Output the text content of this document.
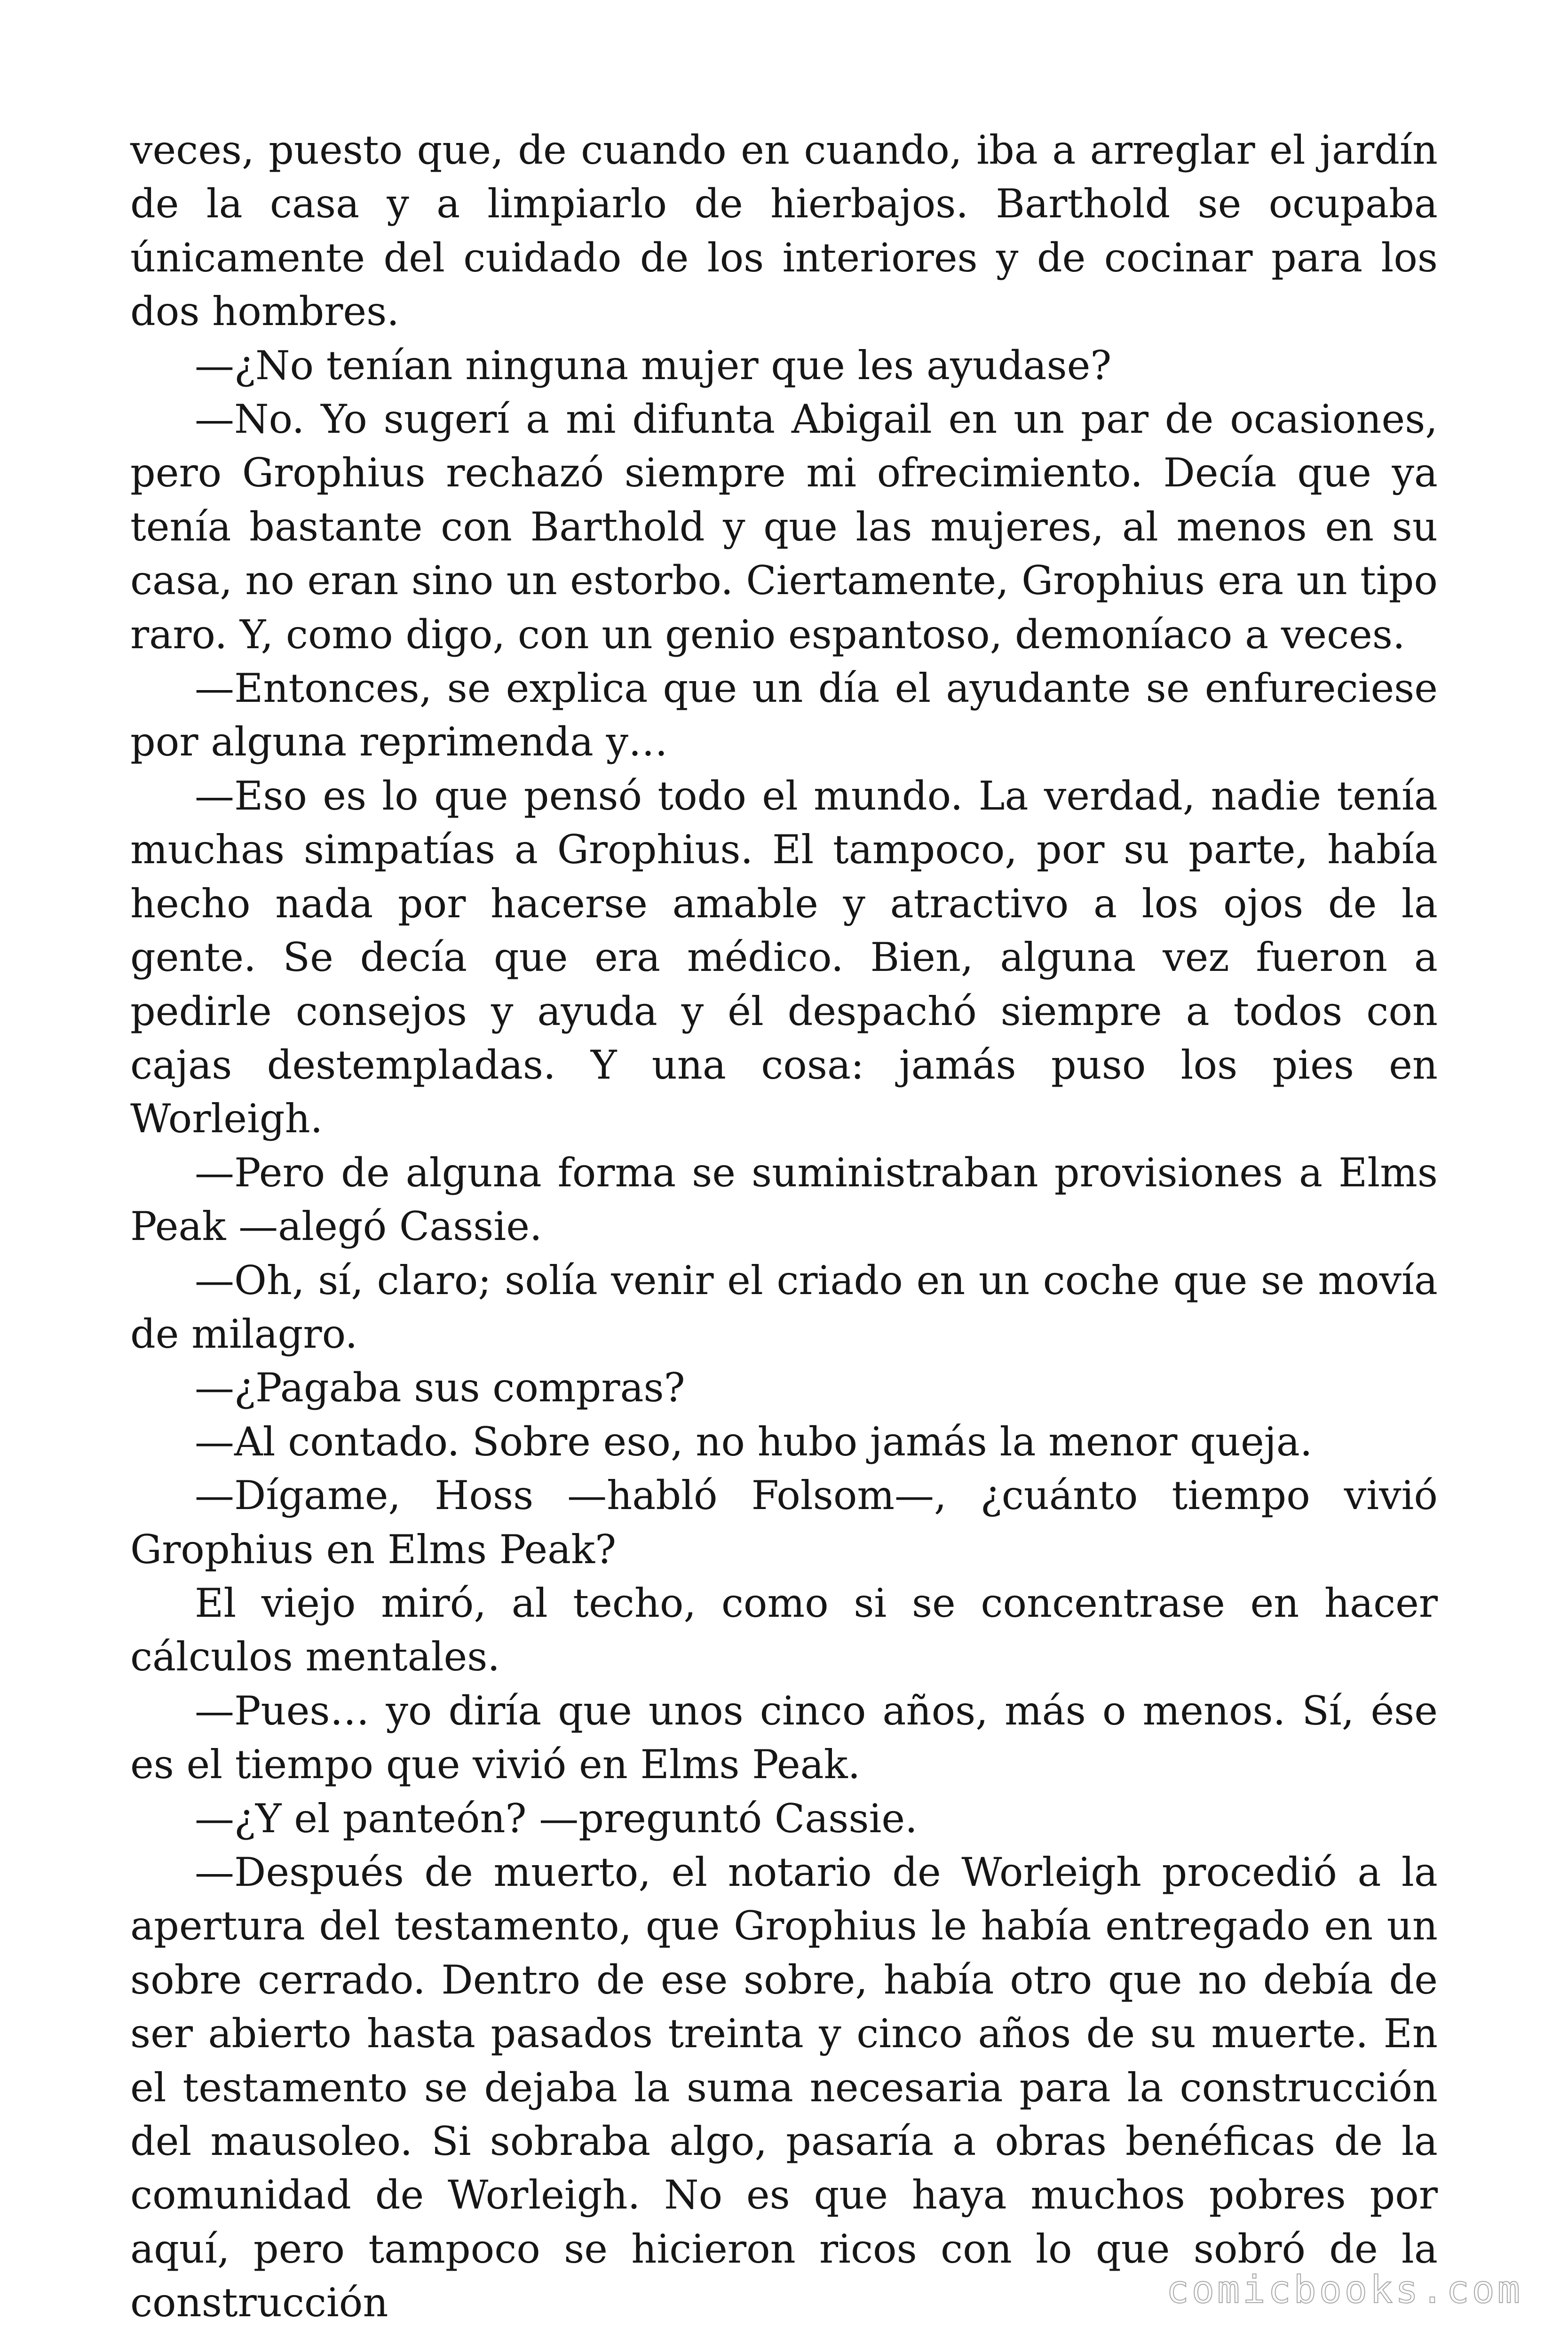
veces, puesto que, de cuando en cuando, iba a arreglar el jardín de la casa y a limpiarlo de hierbajos. Barthold se ocupaba únicamente del cuidado de los interiores y de cocinar para los dos hombres.

—¿No tenían ninguna mujer que les ayudase?

—No. Yo sugerí a mi difunta Abigail en un par de ocasiones, pero Grophius rechazó siempre mi ofrecimiento. Decía que ya tenía bastante con Barthold y que las mujeres, al menos en su casa, no eran sino un estorbo. Ciertamente, Grophius era un tipo raro. Y, como digo, con un genio espantoso, demoníaco a veces.

—Entonces, se explica que un día el ayudante se enfureciese por alguna reprimenda y…

—Eso es lo que pensó todo el mundo. La verdad, nadie tenía muchas simpatías a Grophius. El tampoco, por su parte, había hecho nada por hacerse amable y atractivo a los ojos de la gente. Se decía que era médico. Bien, alguna vez fueron a pedirle consejos y ayuda y él despachó siempre a todos con cajas destempladas. Y una cosa: jamás puso los pies en Worleigh.

—Pero de alguna forma se suministraban provisiones a Elms Peak —alegó Cassie.

—Oh, sí, claro; solía venir el criado en un coche que se movía de milagro.

—¿Pagaba sus compras?

—Al contado. Sobre eso, no hubo jamás la menor queja.

—Dígame, Hoss —habló Folsom—, ¿cuánto tiempo vivió Grophius en Elms Peak?

El viejo miró, al techo, como si se concentrase en hacer cálculos mentales.

—Pues… yo diría que unos cinco años, más o menos. Sí, ése es el tiempo que vivió en Elms Peak.

—¿Y el panteón? —preguntó Cassie.

—Después de muerto, el notario de Worleigh procedió a la apertura del testamento, que Grophius le había entregado en un sobre cerrado. Dentro de ese sobre, había otro que no debía de ser abierto hasta pasados treinta y cinco años de su muerte. En el testamento se dejaba la suma necesaria para la construcción del mausoleo. Si sobraba algo, pasaría a obras benéficas de la comunidad de Worleigh. No es que haya muchos pobres por aquí, pero tampoco se hicieron ricos con lo que sobró de la construcción	comicbooks.com
